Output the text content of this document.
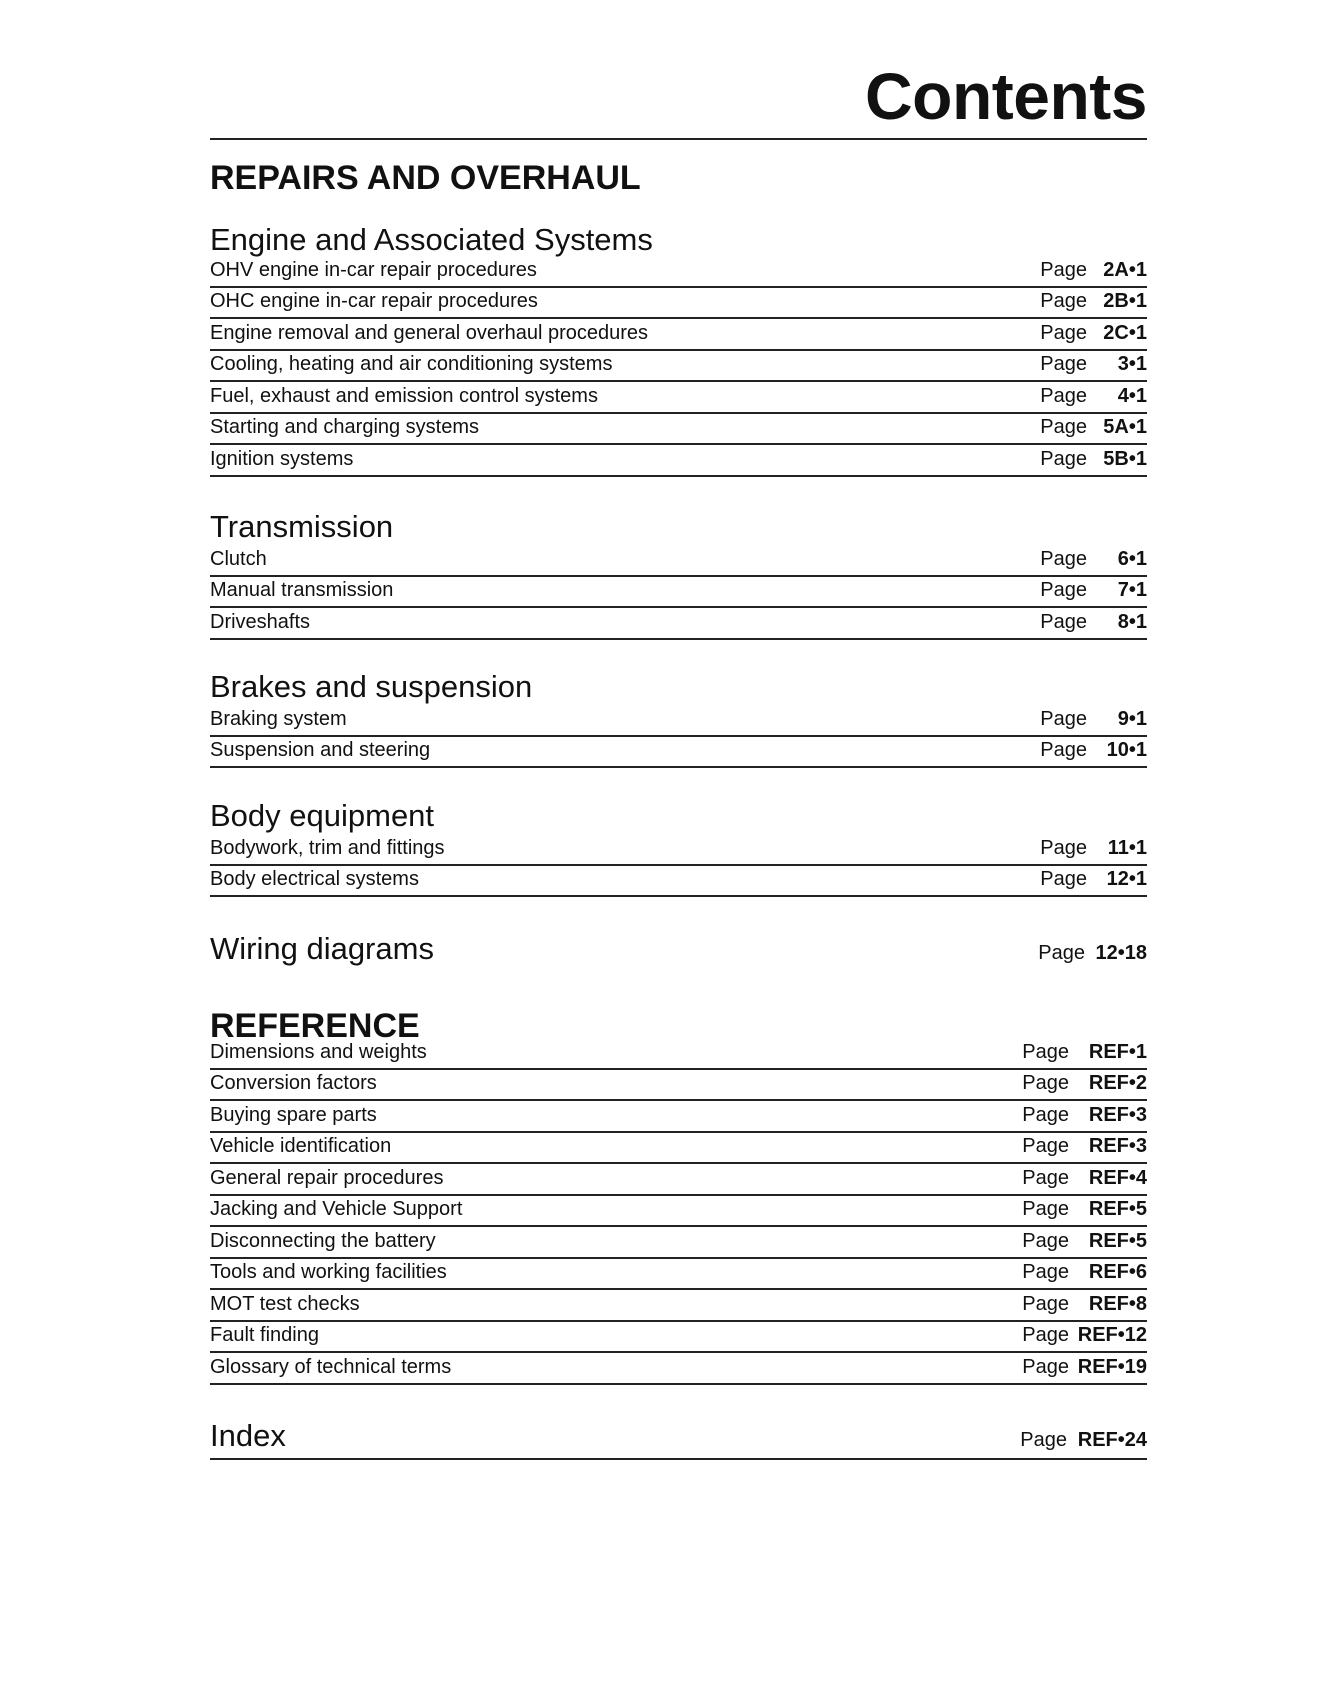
Contents
REPAIRS AND OVERHAUL
Engine and Associated Systems
OHV engine in-car repair procedures	Page 2A•1
OHC engine in-car repair procedures	Page 2B•1
Engine removal and general overhaul procedures	Page 2C•1
Cooling, heating and air conditioning systems	Page 3•1
Fuel, exhaust and emission control systems	Page 4•1
Starting and charging systems	Page 5A•1
Ignition systems	Page 5B•1
Transmission
Clutch	Page 6•1
Manual transmission	Page 7•1
Driveshafts	Page 8•1
Brakes and suspension
Braking system	Page 9•1
Suspension and steering	Page 10•1
Body equipment
Bodywork, trim and fittings	Page 11•1
Body electrical systems	Page 12•1
Wiring diagrams	Page 12•18
REFERENCE
Dimensions and weights	Page REF•1
Conversion factors	Page REF•2
Buying spare parts	Page REF•3
Vehicle identification	Page REF•3
General repair procedures	Page REF•4
Jacking and Vehicle Support	Page REF•5
Disconnecting the battery	Page REF•5
Tools and working facilities	Page REF•6
MOT test checks	Page REF•8
Fault finding	Page REF•12
Glossary of technical terms	Page REF•19
Index	Page REF•24
